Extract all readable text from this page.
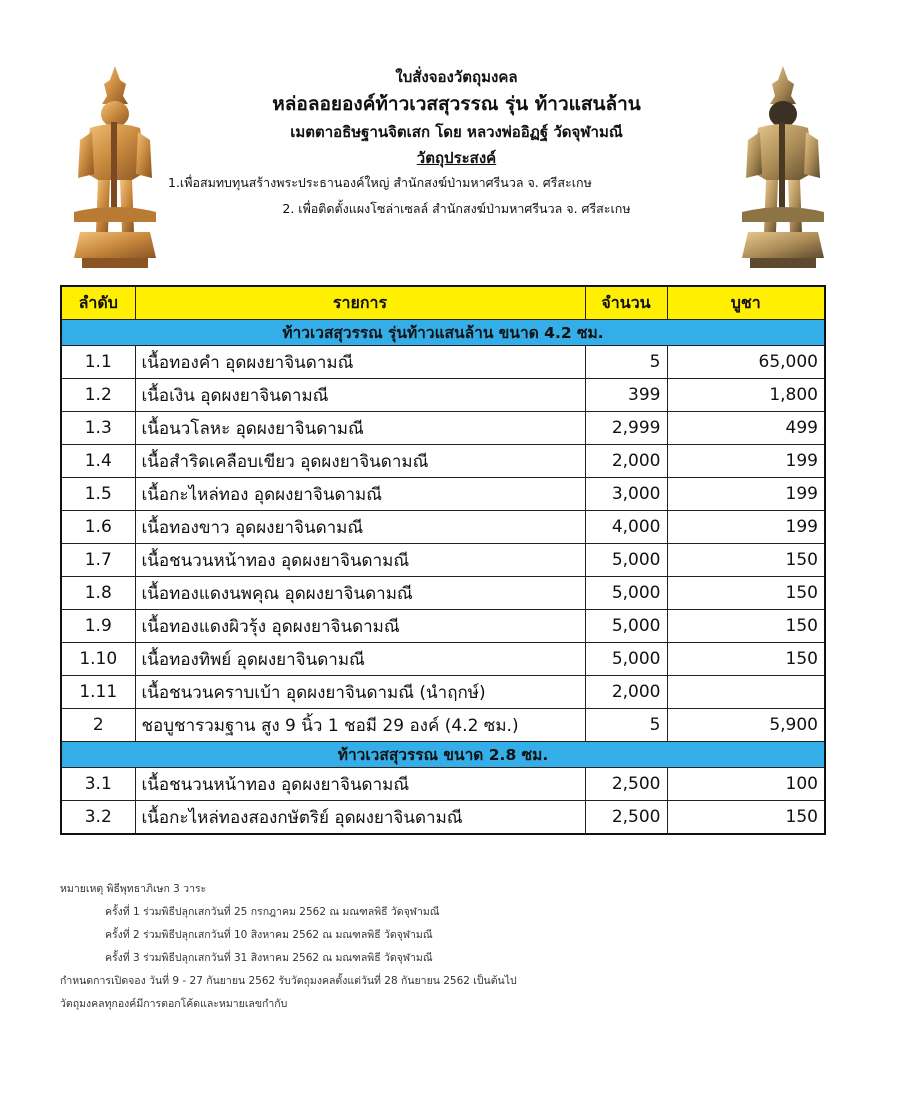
ใบสั่งจองวัตถุมงคล
หล่อลอยองค์ท้าวเวสสุวรรณ รุ่น ท้าวแสนล้าน
เมตตาอธิษฐานจิตเสก โดย หลวงพ่ออิฏฐ์ วัดจุฬามณี
วัตถุประสงค์
1.เพื่อสมทบทุนสร้างพระประธานองค์ใหญ่ สำนักสงฆ์ป่ามหาศรีนวล จ. ศรีสะเกษ
2. เพื่อติดตั้งแผงโซล่าเซลล์ สำนักสงฆ์ป่ามหาศรีนวล จ. ศรีสะเกษ
ลำดับ	รายการ	จำนวน	บูชา
ท้าวเวสสุวรรณ รุ่นท้าวแสนล้าน ขนาด 4.2 ซม.			
1.1	เนื้อทองคำ อุดผงยาจินดามณี	5	65,000
1.2	เนื้อเงิน อุดผงยาจินดามณี	399	1,800
1.3	เนื้อนวโลหะ อุดผงยาจินดามณี	2,999	499
1.4	เนื้อสำริดเคลือบเขียว อุดผงยาจินดามณี	2,000	199
1.5	เนื้อกะไหล่ทอง อุดผงยาจินดามณี	3,000	199
1.6	เนื้อทองขาว อุดผงยาจินดามณี	4,000	199
1.7	เนื้อชนวนหน้าทอง อุดผงยาจินดามณี	5,000	150
1.8	เนื้อทองแดงนพคุณ อุดผงยาจินดามณี	5,000	150
1.9	เนื้อทองแดงผิวรุ้ง อุดผงยาจินดามณี	5,000	150
1.10	เนื้อทองทิพย์ อุดผงยาจินดามณี	5,000	150
1.11	เนื้อชนวนคราบเบ้า อุดผงยาจินดามณี (นำฤกษ์)	2,000	
2	ชอบูชารวมฐาน สูง 9 นิ้ว 1 ชอมี 29 องค์ (4.2 ซม.)	5	5,900
ท้าวเวสสุวรรณ ขนาด 2.8 ซม.			
3.1	เนื้อชนวนหน้าทอง อุดผงยาจินดามณี	2,500	100
3.2	เนื้อกะไหล่ทองสองกษัตริย์ อุดผงยาจินดามณี	2,500	150
หมายเหตุ พิธีพุทธาภิเษก 3 วาระ
ครั้งที่ 1 ร่วมพิธีปลุกเสกวันที่ 25 กรกฎาคม 2562 ณ มณฑลพิธี วัดจุฬามณี
ครั้งที่ 2 ร่วมพิธีปลุกเสกวันที่ 10 สิงหาคม 2562 ณ มณฑลพิธี วัดจุฬามณี
ครั้งที่ 3 ร่วมพิธีปลุกเสกวันที่ 31 สิงหาคม 2562 ณ มณฑลพิธี วัดจุฬามณี
กำหนดการเปิดจอง วันที่ 9 - 27 กันยายน 2562 รับวัตถุมงคลตั้งแต่วันที่ 28 กันยายน 2562 เป็นต้นไป
วัตถุมงคลทุกองค์มีการตอกโค้ดและหมายเลขกำกับ
